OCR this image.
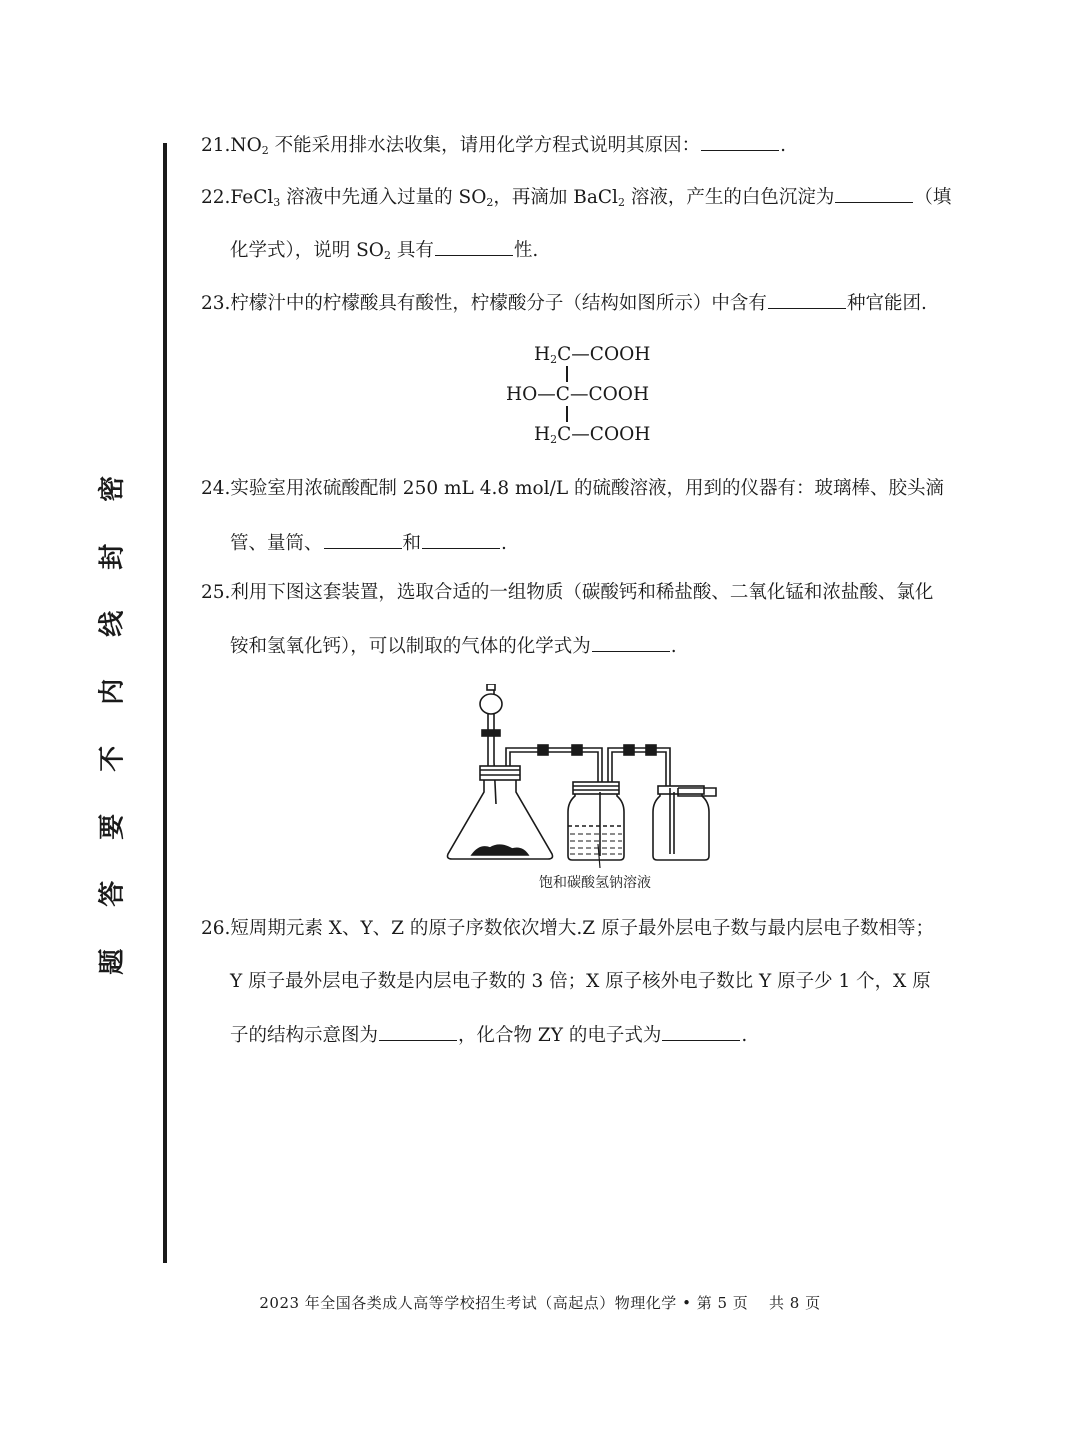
密
封
线
内
不
要
答
题
$21.NO_2$ 不能采用排水法收集，请用化学方程式说明其原因：	.
22.FeCl$_3$ 溶液中先通入过量的 $SO_2$，再滴加 BaCl$_2$ 溶液，产生的白色沉淀为	（填
化学式），说明 $SO_2$ 具有	性.
23.柠檬汁中的柠檬酸具有酸性，柠檬酸分子（结构如图所示）中含有	种官能团.
$H_2C—COOH$
HO—C—COOH
$H_2C—COOH$
24.实验室用浓硫酸配制 250 mL 4.8 mol/L 的硫酸溶液，用到的仪器有：玻璃棒、胶头滴
管、量筒、	和	.
25.利用下图这套装置，选取合适的一组物质（碳酸钙和稀盐酸、二氧化锰和浓盐酸、氯化
铵和氢氧化钙），可以制取的气体的化学式为	.
饱和碳酸氢钠溶液
26.短周期元素 X、Y、Z 的原子序数依次增大.Z 原子最外层电子数与最内层电子数相等；
Y 原子最外层电子数是内层电子数的 3 倍；X 原子核外电子数比 Y 原子少 1 个，X 原
子的结构示意图为	，化合物 ZY 的电子式为	.
2023 年全国各类成人高等学校招生考试（高起点）物理化学 • 第 5 页　 共 8 页
